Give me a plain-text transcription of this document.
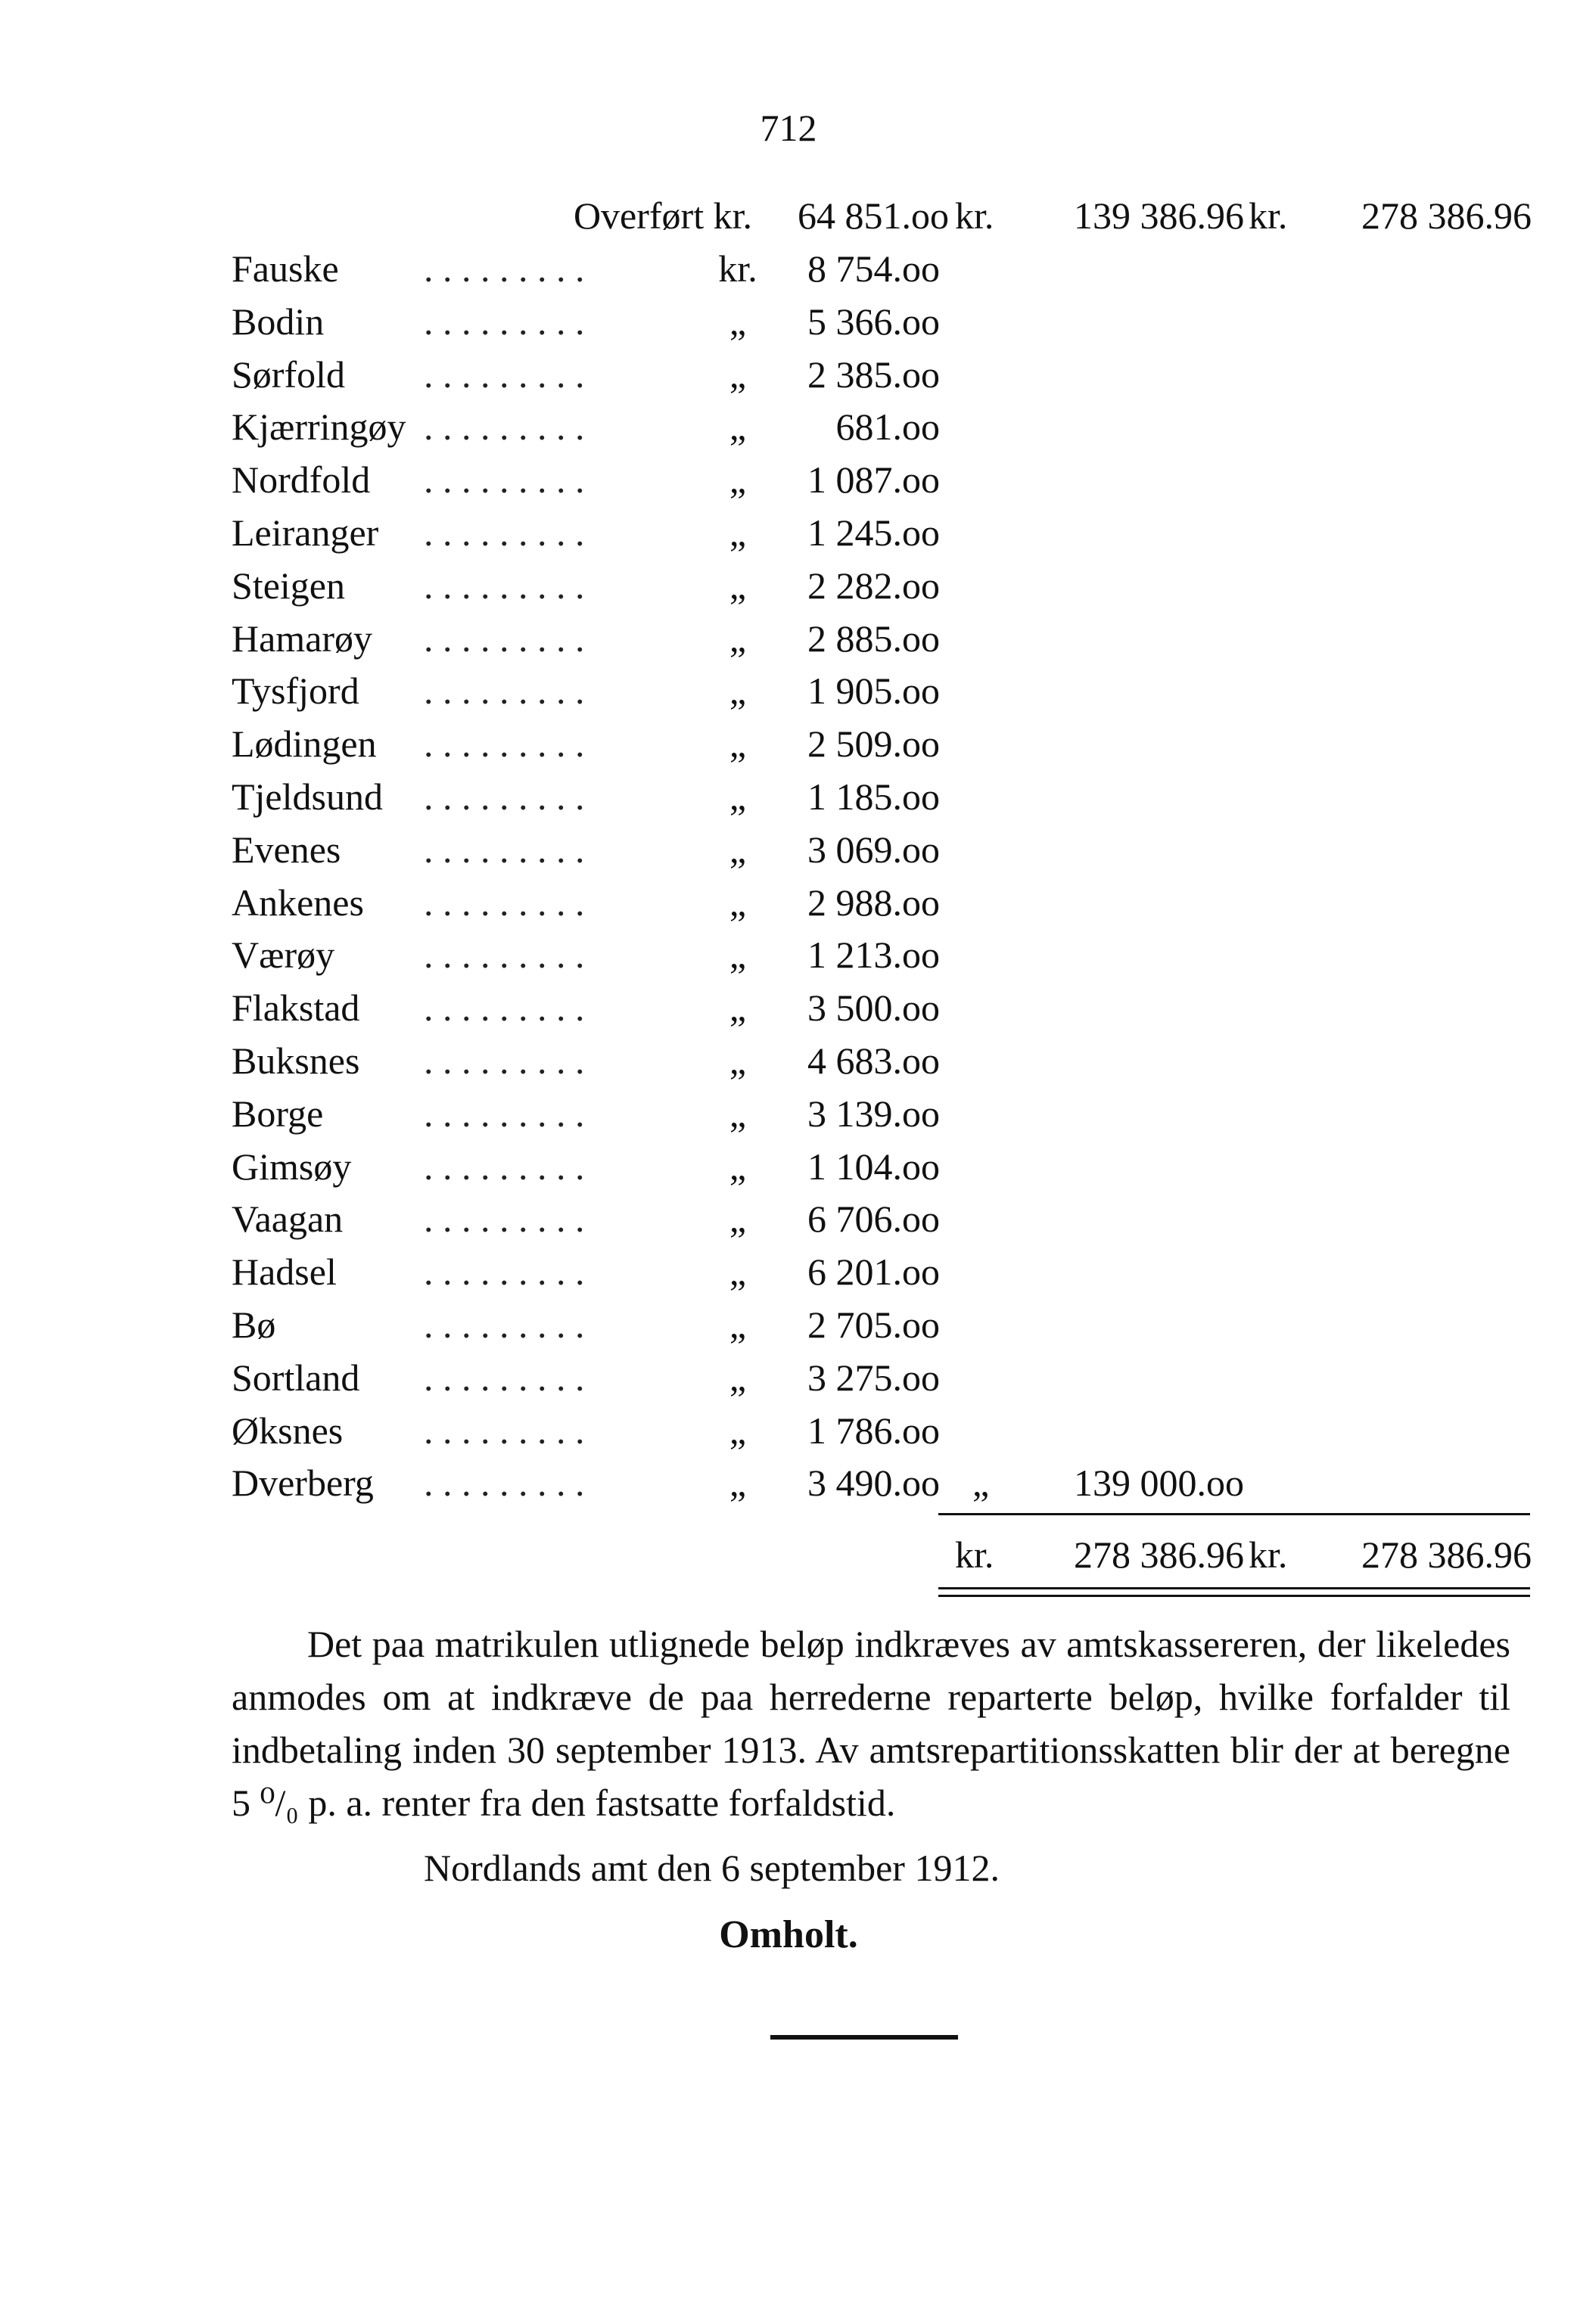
712
Overført kr. 64 851.oo kr. 139 386.96 kr. 278 386.96
Fauske . . . . . . . . .	kr. 8 754.oo
Bodin	. . . . . . . . .	„	5 366.oo
Sørfold . . . . . . . . .	„	2 385.oo
Kjærringøy . . . . . . . . .	„	681.oo
Nordfold . . . . . . . . .	„	1 087.oo
Leiranger . . . . . . . . .	„	1 245.oo
Steigen . . . . . . . . .	„	2 282.oo
Hamarøy . . . . . . . . .	„	2 885.oo
Tysfjord . . . . . . . . .	„	1 905.oo
Lødingen . . . . . . . . .	„	2 509.oo
Tjeldsund . . . . . . . . .	„	1 185.oo
Evenes . . . . . . . . .	„	3 069.oo
Ankenes . . . . . . . . .	„	2 988.oo
Værøy . . . . . . . . .	„	1 213.oo
Flakstad . . . . . . . . .	„	3 500.oo
Buksnes . . . . . . . . .	„	4 683.oo
Borge	. . . . . . . . .	„	3 139.oo
Gimsøy . . . . . . . . .	„	1 104.oo
Vaagan . . . . . . . . .	„	6 706.oo
Hadsel . . . . . . . . .	„	6 201.oo
Bø	. . . . . . . . .	„	2 705.oo
Sortland . . . . . . . . .	„	3 275.oo
Øksnes . . . . . . . . .	„	1 786.oo
Dverberg . . . . . . . . .	„	3 490.oo „ 139 000.oo
kr. 278 386.96 kr. 278 386.96
Det paa matrikulen utlignede beløp indkræves av amtskassereren, der likeledes anmodes om at indkræve de paa herrederne reparterte beløp, hvilke forfalder til indbetaling inden 30 september 1913. Av amtsrepartitionsskatten blir der at beregne 5 ⁰/₀ p. a. renter fra den fastsatte forfaldstid.
Nordlands amt den 6 september 1912.
Omholt.
